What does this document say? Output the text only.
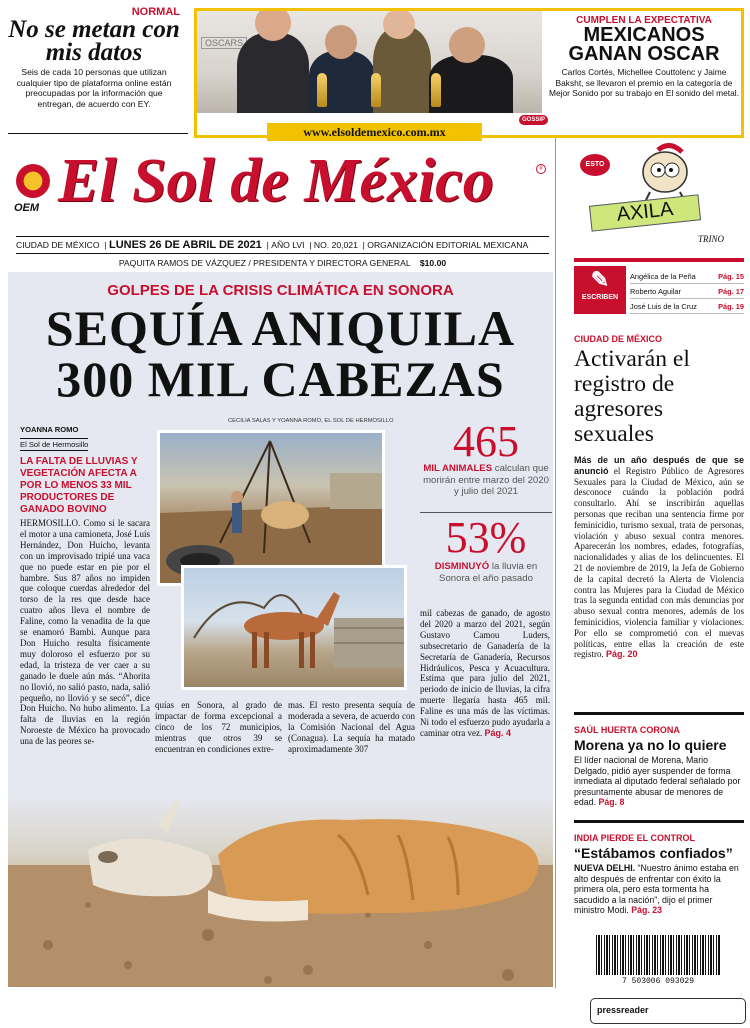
NORMAL
No se metan con mis datos

Seis de cada 10 personas que utilizan cualquier tipo de plataforma online están preocupadas por la información que entregan, de acuerdo con EY.

OSCARS
GOSSIP
www.elsoldemexico.com.mx
CUMPLEN LA EXPECTATIVA
MEXICANOS GANAN OSCAR

Carlos Cortés, Michellee Couttolenc y Jaime Baksht, se llevaron el premio en la categoría de Mejor Sonido por su trabajo en El sonido del metal.

OEM El Sol de México	®
CIUDAD DE MÉXICO  | LUNES 26 DE ABRIL DE 2021  | AÑO LVI  | NO. 20,021  | ORGANIZACIÓN EDITORIAL MEXICANA
PAQUITA RAMOS DE VÁZQUEZ / PRESIDENTA Y DIRECTORA GENERAL $10.00
GOLPES DE LA CRISIS CLIMÁTICA EN SONORA
SEQUÍA ANIQUILA
300 MIL CABEZAS
CECILIA SALAS Y YOANNA ROMO, EL SOL DE HERMOSILLO
YOANNA ROMO
El Sol de Hermosillo
LA FALTA DE LLUVIAS Y VEGETACIÓN AFECTA A POR LO MENOS 33 MIL PRODUCTORES DE GANADO BOVINO
HERMOSILLO. Como si le sacara el motor a una camioneta, José Luis Hernández, Don Huicho, levanta con un improvisado tripié una vaca que no puede estar en pie por el hambre. Sus 87 años no impiden que coloque cuerdas alrededor del torso de la res que desde hace cuatro años lleva el nombre de Faline, como la venadita de la que se enamoró Bambi. Aunque para Don Huicho resulta físicamente muy doloroso el esfuerzo por su edad, la tristeza de ver caer a su ganado le duele aún más. “Ahorita no llovió, no salió pasto, nada, salió pequeño, no llovió y se secó”, dice Don Huicho. No hubo alimento. La falta de lluvias en la región Noroeste de México ha provocado una de las peores se-
quías en Sonora, al grado de impactar de forma excepcional a cinco de los 72 municipios, mientras que otros 39 se encuentran en condiciones extre-
mas. El resto presenta sequía de moderada a severa, de acuerdo con la Comisión Nacional del Agua (Conagua). La sequía ha matado aproximadamente 307
mil cabezas de ganado, de agosto del 2020 a marzo del 2021, según Gustavo Camou Luders, subsecretario de Ganadería de la Secretaría de Ganadería, Recursos Hidráulicos, Pesca y Acuacultura. Estima que para julio del 2021, periodo de inicio de lluvias, la cifra muerte llegaría hasta 465 mil. Faline es una más de las víctimas. Ni todo el esfuerzo pudo ayudarla a caminar otra vez. Pág. 4
465
MIL ANIMALES calculan que morirán entre marzo del 2020 y julio del 2021
53%
DISMINUYÓ la lluvia en Sonora el año pasado
ESTO
AXILA
TRINO
✎
ESCRIBEN
Angélica de la Peña	Pág. 15
Roberto Aguilar	Pág. 17
José Luis de la Cruz	Pág. 19
CIUDAD DE MÉXICO
Activarán el registro de agresores sexuales

Más de un año después de que se anunció el Registro Público de Agresores Sexuales para la Ciudad de México, aún se desconoce cuándo la población podrá consultarlo. Ahí se inscribirán aquellas personas que reciban una sentencia firme por feminicidio, turismo sexual, trata de personas, violación y abuso sexual contra menores. Aparecerán los nombres, edades, fotografías, nacionalidades y alias de los delincuentes. El 21 de noviembre de 2019, la Jefa de Gobierno de la capital decretó la Alerta de Violencia contra las Mujeres para la Ciudad de México tras la segunda entidad con más denuncias por abuso sexual contra menores, además de los feminicidios, violencia familiar y violaciones. Por ello se comprometió con el nuevas políticas, entre ellas la creación de este registro. Pág. 20

SAÚL HUERTA CORONA
Morena ya no lo quiere

El líder nacional de Morena, Mario Delgado, pidió ayer suspender de forma inmediata al diputado federal señalado por presuntamente abusar de menores de edad. Pág. 8

INDIA PIERDE EL CONTROL
“Estábamos confiados”

NUEVA DELHI. “Nuestro ánimo estaba en alto después de enfrentar con éxito la primera ola, pero esta tormenta ha sacudido a la nación”, dijo el primer ministro Modi. Pág. 23

7 503006 093029
pressreader
